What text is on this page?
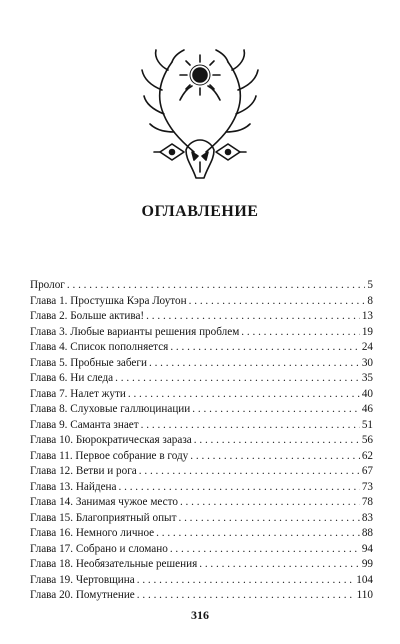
ОГЛАВЛЕНИЕ
Пролог . . .	5
Глава 1. Простушка Кэра Лоутон . . .	8
Глава 2. Больше актива! . . .	13
Глава 3. Любые варианты решения проблем . . .	19
Глава 4. Список пополняется . . .	24
Глава 5. Пробные забеги . . .	30
Глава 6. Ни следа . . .	35
Глава 7. Налет жути . . .	40
Глава 8. Слуховые галлюцинации . . .	46
Глава 9. Саманта знает . . .	51
Глава 10. Бюрократическая зараза . . .	56
Глава 11. Первое собрание в году . . .	62
Глава 12. Ветви и рога . . .	67
Глава 13. Найдена . . .	73
Глава 14. Занимая чужое место . . .	78
Глава 15. Благоприятный опыт . . .	83
Глава 16. Немного личное . . .	88
Глава 17. Собрано и сломано . . .	94
Глава 18. Необязательные решения . . .	99
Глава 19. Чертовщина . . .	104
Глава 20. Помутнение . . .	110
316
